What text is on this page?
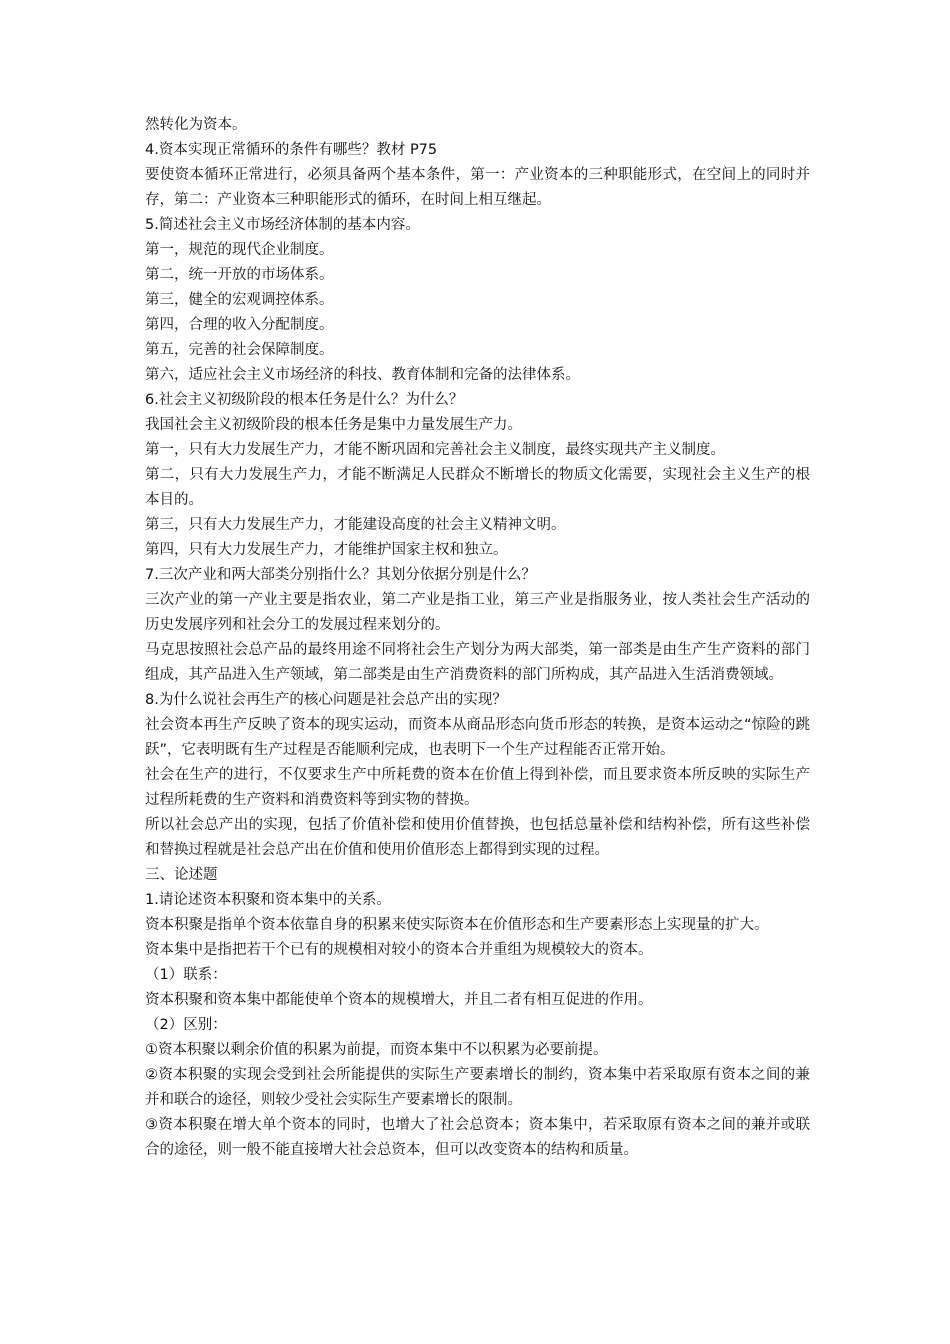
然转化为资本。

4.资本实现正常循环的条件有哪些？教材 P75

要使资本循环正常进行，必须具备两个基本条件，第一：产业资本的三种职能形式，在空间上的同时并存，第二：产业资本三种职能形式的循环，在时间上相互继起。

5.简述社会主义市场经济体制的基本内容。

第一，规范的现代企业制度。

第二，统一开放的市场体系。

第三，健全的宏观调控体系。

第四，合理的收入分配制度。

第五，完善的社会保障制度。

第六，适应社会主义市场经济的科技、教育体制和完备的法律体系。

6.社会主义初级阶段的根本任务是什么？为什么？

我国社会主义初级阶段的根本任务是集中力量发展生产力。

第一，只有大力发展生产力，才能不断巩固和完善社会主义制度，最终实现共产主义制度。

第二，只有大力发展生产力，才能不断满足人民群众不断增长的物质文化需要，实现社会主义生产的根本目的。

第三，只有大力发展生产力，才能建设高度的社会主义精神文明。

第四，只有大力发展生产力，才能维护国家主权和独立。

7.三次产业和两大部类分别指什么？其划分依据分别是什么？

三次产业的第一产业主要是指农业，第二产业是指工业，第三产业是指服务业，按人类社会生产活动的历史发展序列和社会分工的发展过程来划分的。

马克思按照社会总产品的最终用途不同将社会生产划分为两大部类，第一部类是由生产生产资料的部门组成，其产品进入生产领域，第二部类是由生产消费资料的部门所构成，其产品进入生活消费领域。

8.为什么说社会再生产的核心问题是社会总产出的实现？

社会资本再生产反映了资本的现实运动，而资本从商品形态向货币形态的转换，是资本运动之“惊险的跳跃”，它表明既有生产过程是否能顺利完成，也表明下一个生产过程能否正常开始。

社会在生产的进行，不仅要求生产中所耗费的资本在价值上得到补偿，而且要求资本所反映的实际生产过程所耗费的生产资料和消费资料等到实物的替换。

所以社会总产出的实现，包括了价值补偿和使用价值替换，也包括总量补偿和结构补偿，所有这些补偿和替换过程就是社会总产出在价值和使用价值形态上都得到实现的过程。

三、论述题

1.请论述资本积聚和资本集中的关系。

资本积聚是指单个资本依靠自身的积累来使实际资本在价值形态和生产要素形态上实现量的扩大。

资本集中是指把若干个已有的规模相对较小的资本合并重组为规模较大的资本。

（1）联系：

资本积聚和资本集中都能使单个资本的规模增大，并且二者有相互促进的作用。

（2）区别：

①资本积聚以剩余价值的积累为前提，而资本集中不以积累为必要前提。

②资本积聚的实现会受到社会所能提供的实际生产要素增长的制约，资本集中若采取原有资本之间的兼并和联合的途径，则较少受社会实际生产要素增长的限制。

③资本积聚在增大单个资本的同时，也增大了社会总资本；资本集中，若采取原有资本之间的兼并或联合的途径，则一般不能直接增大社会总资本，但可以改变资本的结构和质量。
